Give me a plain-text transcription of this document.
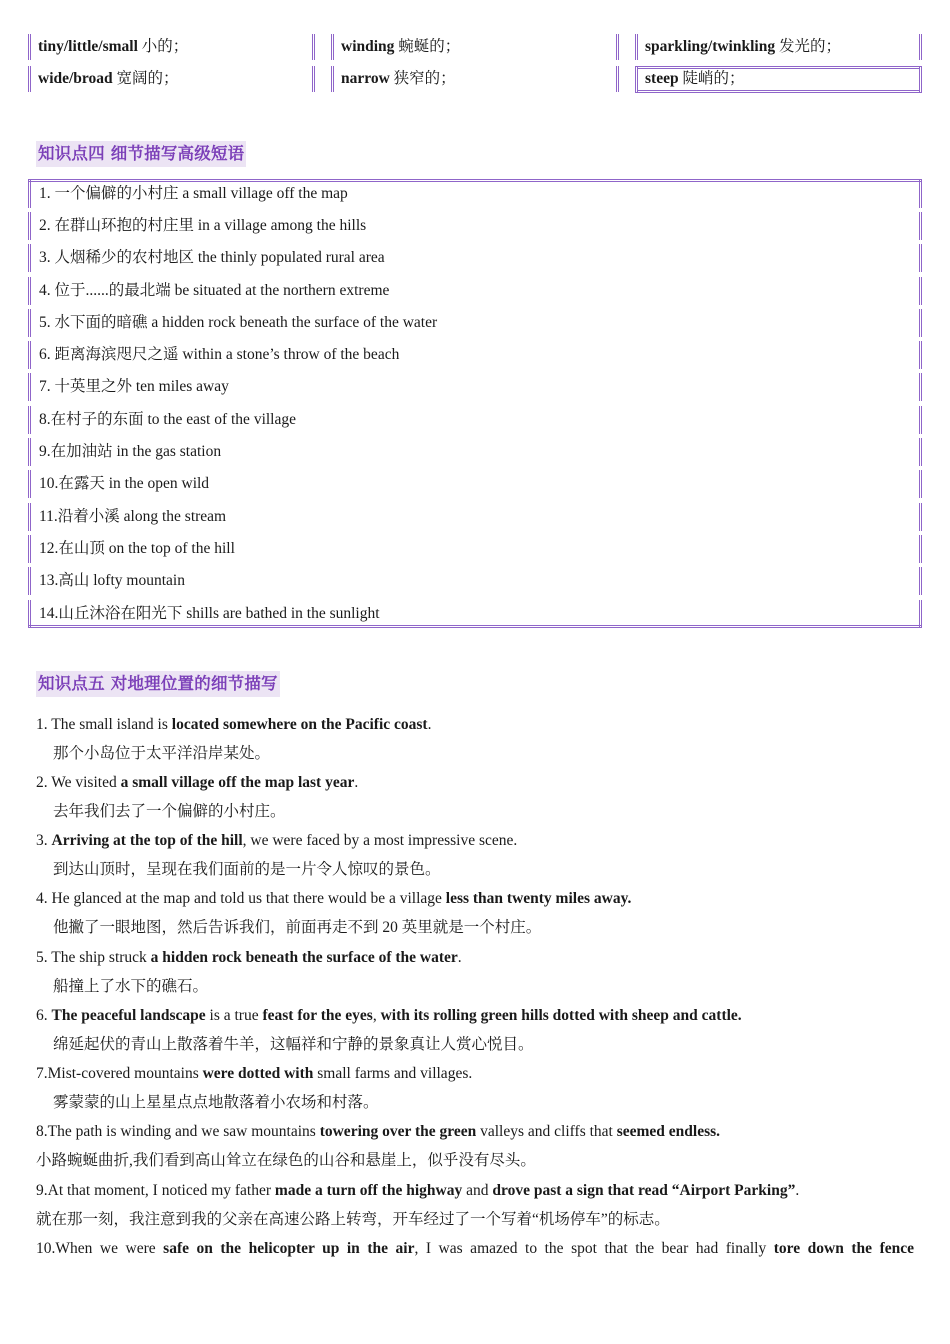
tiny/little/small 小的；	winding 蜿蜒的；	sparkling/twinkling 发光的；
wide/broad 宽阔的；	narrow 狭窄的；	steep 陡峭的；
知识点四 细节描写高级短语
1. 一个偏僻的小村庄 a small village off the map
2. 在群山环抱的村庄里 in a village among the hills
3. 人烟稀少的农村地区 the thinly populated rural area
4. 位于......的最北端 be situated at the northern extreme
5. 水下面的暗礁 a hidden rock beneath the surface of the water
6. 距离海滨咫尺之遥 within a stone’s throw of the beach
7. 十英里之外 ten miles away
8.在村子的东面 to the east of the village
9.在加油站 in the gas station
10.在露天 in the open wild
11.沿着小溪 along the stream
12.在山顶 on the top of the hill
13.高山 lofty mountain
14.山丘沐浴在阳光下 shills are bathed in the sunlight
知识点五 对地理位置的细节描写
1. The small island is located somewhere on the Pacific coast.
那个小岛位于太平洋沿岸某处。
2. We visited a small village off the map last year.
去年我们去了一个偏僻的小村庄。
3. Arriving at the top of the hill, we were faced by a most impressive scene.
到达山顶时，呈现在我们面前的是一片令人惊叹的景色。
4. He glanced at the map and told us that there would be a village less than twenty miles away.
他撇了一眼地图，然后告诉我们，前面再走不到 20 英里就是一个村庄。
5. The ship struck a hidden rock beneath the surface of the water.
船撞上了水下的礁石。
6. The peaceful landscape is a true feast for the eyes, with its rolling green hills dotted with sheep and cattle.
绵延起伏的青山上散落着牛羊，这幅祥和宁静的景象真让人赏心悦目。
7.Mist-covered mountains were dotted with small farms and villages.
雾蒙蒙的山上星星点点地散落着小农场和村落。
8.The path is winding and we saw mountains towering over the green valleys and cliffs that seemed endless.
小路蜿蜒曲折,我们看到高山耸立在绿色的山谷和悬崖上，似乎没有尽头。
9.At that moment, I noticed my father made a turn off the highway and drove past a sign that read “Airport Parking”.
就在那一刻，我注意到我的父亲在高速公路上转弯，开车经过了一个写着“机场停车”的标志。
10.When we were safe on the helicopter up in the air, I was amazed to the spot that the bear had finally tore down the fence
